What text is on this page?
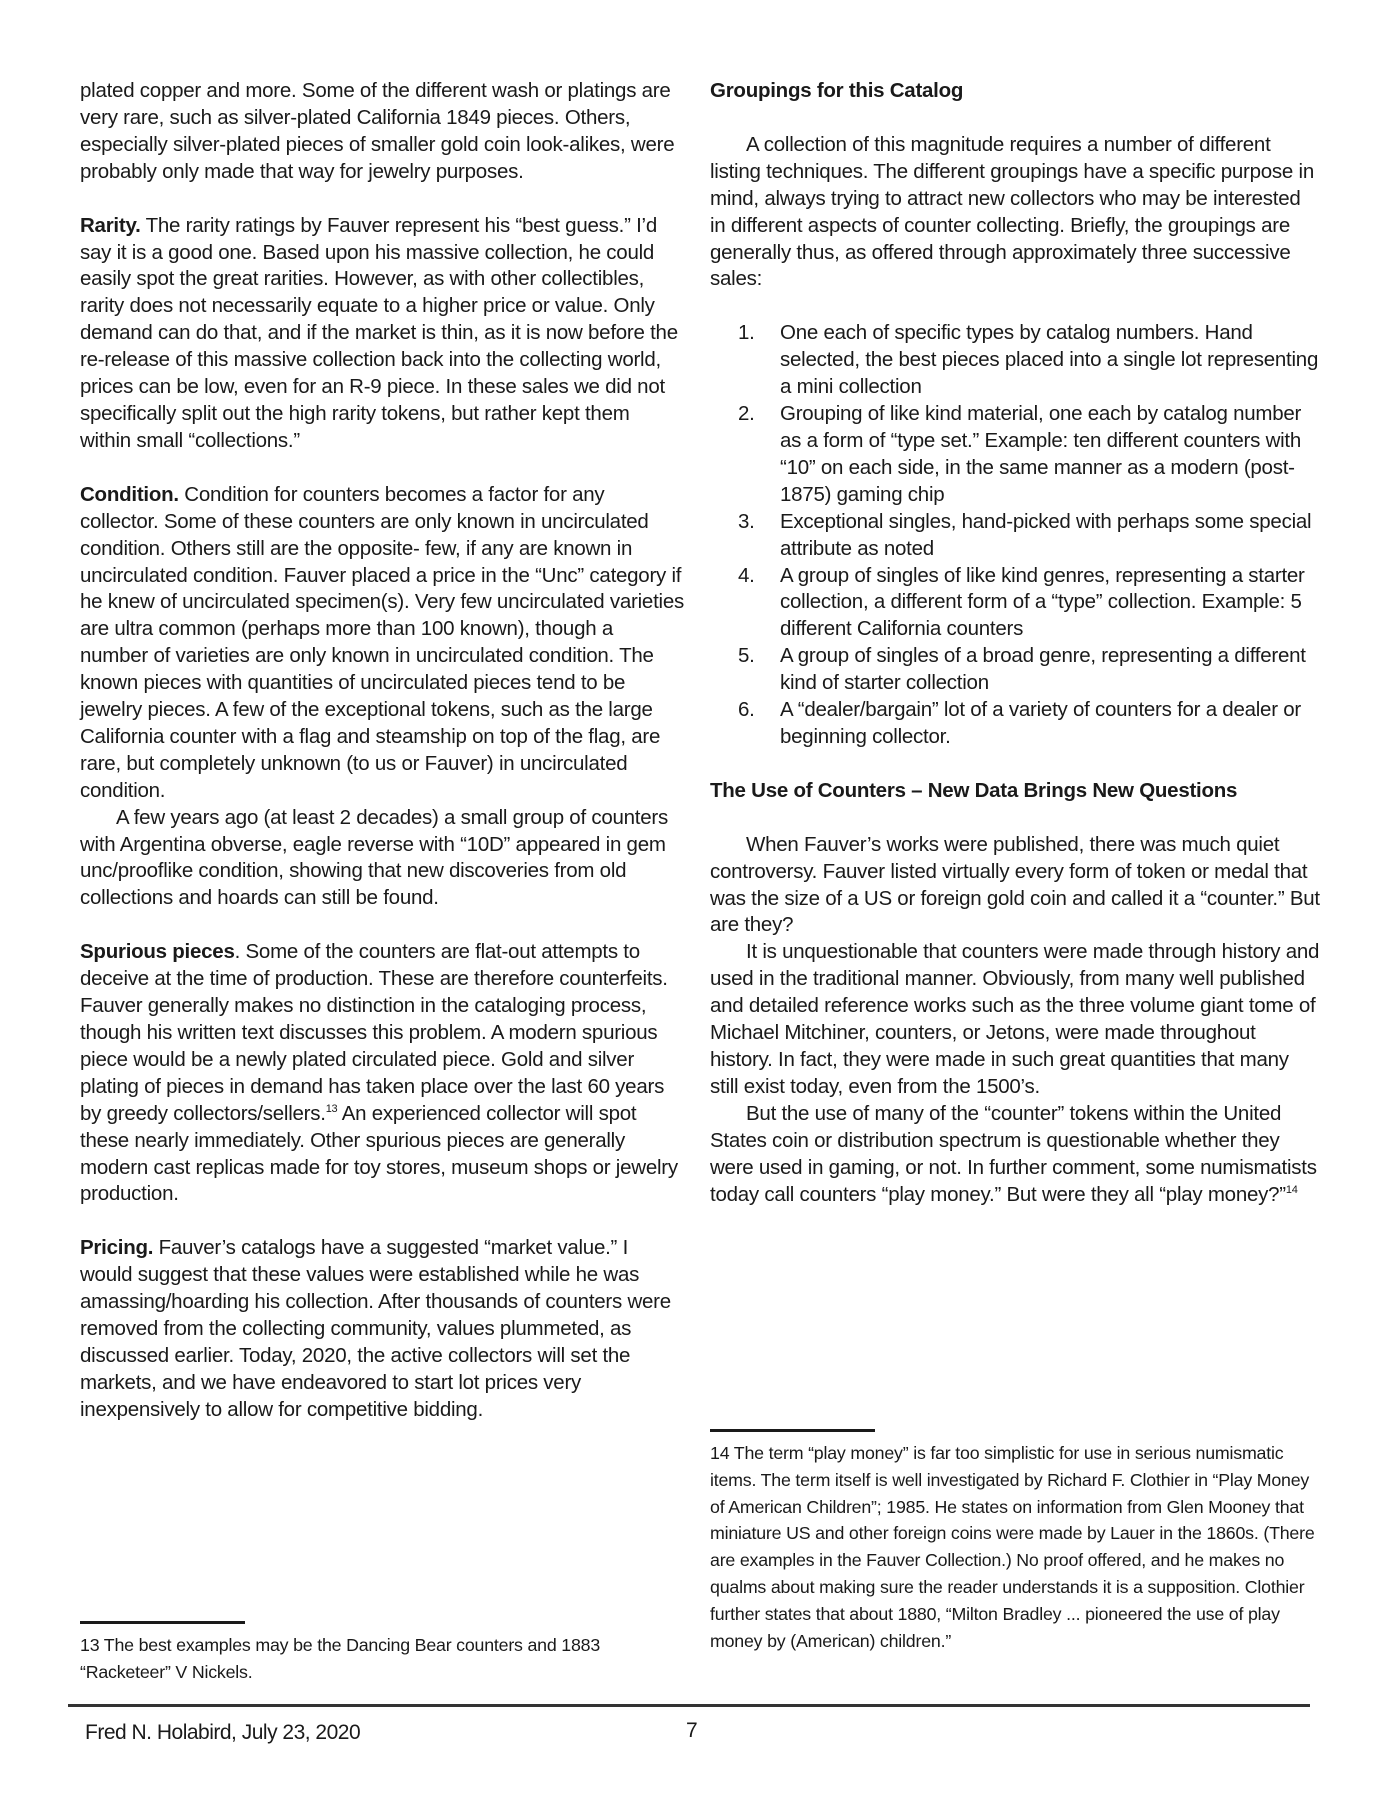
plated copper and more. Some of the different wash or platings are very rare, such as silver-plated California 1849 pieces. Others, especially silver-plated pieces of smaller gold coin look-alikes, were probably only made that way for jewelry purposes.

Rarity. The rarity ratings by Fauver represent his “best guess.” I’d say it is a good one. Based upon his massive collection, he could easily spot the great rarities. However, as with other collectibles, rarity does not necessarily equate to a higher price or value. Only demand can do that, and if the market is thin, as it is now before the re-release of this massive collection back into the collecting world, prices can be low, even for an R-9 piece. In these sales we did not specifically split out the high rarity tokens, but rather kept them within small “collections.”

Condition. Condition for counters becomes a factor for any collector. Some of these counters are only known in uncirculated condition. Others still are the opposite- few, if any are known in uncirculated condition. Fauver placed a price in the “Unc” category if he knew of uncirculated specimen(s). Very few uncirculated varieties are ultra common (perhaps more than 100 known), though a number of varieties are only known in uncirculated condition. The known pieces with quantities of uncirculated pieces tend to be jewelry pieces. A few of the exceptional tokens, such as the large California counter with a flag and steamship on top of the flag, are rare, but completely unknown (to us or Fauver) in uncirculated condition.

A few years ago (at least 2 decades) a small group of counters with Argentina obverse, eagle reverse with “10D” appeared in gem unc/prooflike condition, showing that new discoveries from old collections and hoards can still be found.

Spurious pieces. Some of the counters are flat-out attempts to deceive at the time of production. These are therefore counterfeits. Fauver generally makes no distinction in the cataloging process, though his written text discusses this problem. A modern spurious piece would be a newly plated circulated piece. Gold and silver plating of pieces in demand has taken place over the last 60 years by greedy collectors/sellers.$^{13}$ An experienced collector will spot these nearly immediately. Other spurious pieces are generally modern cast replicas made for toy stores, museum shops or jewelry production.

Pricing. Fauver’s catalogs have a suggested “market value.” I would suggest that these values were established while he was amassing/hoarding his collection. After thousands of counters were removed from the collecting community, values plummeted, as discussed earlier. Today, 2020, the active collectors will set the markets, and we have endeavored to start lot prices very inexpensively to allow for competitive bidding.

13 The best examples may be the Dancing Bear counters and 1883 “Racketeer” V Nickels.

Groupings for this Catalog

A collection of this magnitude requires a number of different listing techniques. The different groupings have a specific purpose in mind, always trying to attract new collectors who may be interested in different aspects of counter collecting. Briefly, the groupings are generally thus, as offered through approximately three successive sales:

1. One each of specific types by catalog numbers. Hand selected, the best pieces placed into a single lot representing a mini collection
2. Grouping of like kind material, one each by catalog number as a form of “type set.” Example: ten different counters with “10” on each side, in the same manner as a modern (post-1875) gaming chip
3. Exceptional singles, hand-picked with perhaps some special attribute as noted
4. A group of singles of like kind genres, representing a starter collection, a different form of a “type” collection. Example: 5 different California counters
5. A group of singles of a broad genre, representing a different kind of starter collection
6. A “dealer/bargain” lot of a variety of counters for a dealer or beginning collector.

The Use of Counters – New Data Brings New Questions

When Fauver’s works were published, there was much quiet controversy. Fauver listed virtually every form of token or medal that was the size of a US or foreign gold coin and called it a “counter.” But are they?

It is unquestionable that counters were made through history and used in the traditional manner. Obviously, from many well published and detailed reference works such as the three volume giant tome of Michael Mitchiner, counters, or Jetons, were made throughout history. In fact, they were made in such great quantities that many still exist today, even from the 1500’s.

But the use of many of the “counter” tokens within the United States coin or distribution spectrum is questionable whether they were used in gaming, or not. In further comment, some numismatists today call counters “play money.” But were they all “play money?”$^{14}$

14 The term “play money” is far too simplistic for use in serious numismatic items. The term itself is well investigated by Richard F. Clothier in “Play Money of American Children”; 1985. He states on information from Glen Mooney that miniature US and other foreign coins were made by Lauer in the 1860s. (There are examples in the Fauver Collection.) No proof offered, and he makes no qualms about making sure the reader understands it is a supposition. Clothier further states that about 1880, “Milton Bradley ... pioneered the use of play money by (American) children.”

Fred N. Holabird, July 23, 2020	7
